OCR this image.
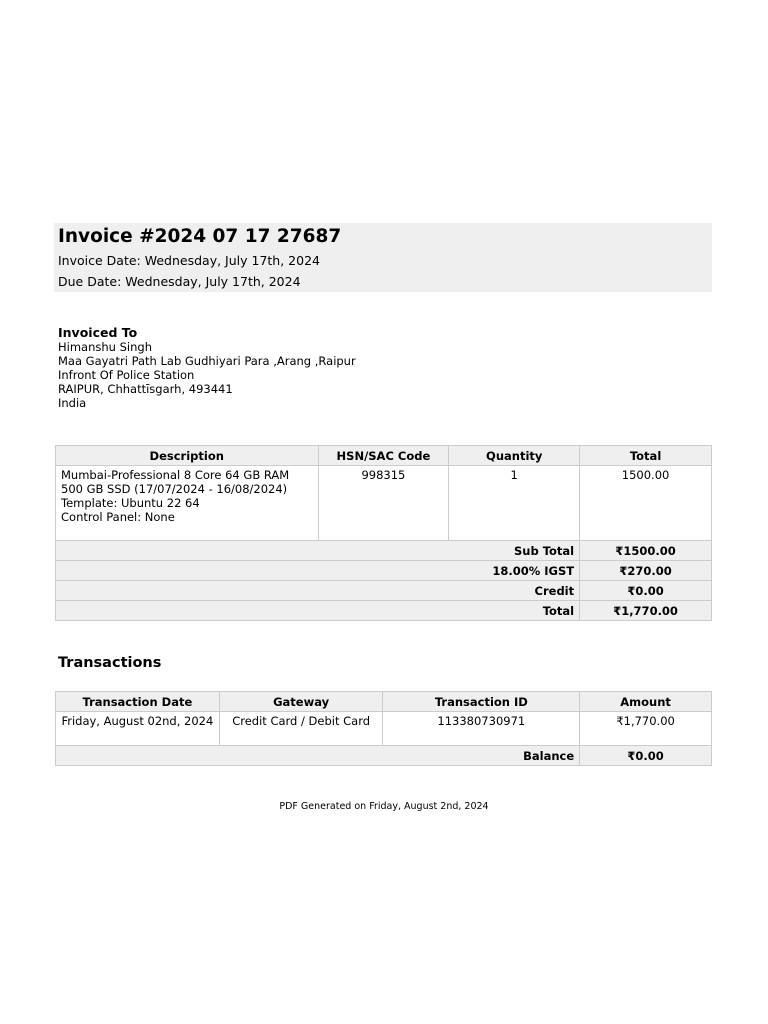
Invoice #2024 07 17 27687
Invoice Date: Wednesday, July 17th, 2024
Due Date: Wednesday, July 17th, 2024
Invoiced To
Himanshu Singh
Maa Gayatri Path Lab Gudhiyari Para ,Arang ,Raipur
Infront Of Police Station
RAIPUR, Chhattīsgarh, 493441
India
Description	HSN/SAC Code	Quantity	Total

Mumbai-Professional 8 Core 64 GB RAM
500 GB SSD (17/07/2024 - 16/08/2024)
Template: Ubuntu 22 64
Control Panel: None	998315	1	1500.00
Sub Total			₹1500.00
18.00% IGST			₹270.00
Credit			₹0.00
Total			₹1,770.00
Transactions
Transaction Date	Gateway	Transaction ID	Amount
Friday, August 02nd, 2024	Credit Card / Debit Card	113380730971	₹1,770.00
Balance			₹0.00
PDF Generated on Friday, August 2nd, 2024
